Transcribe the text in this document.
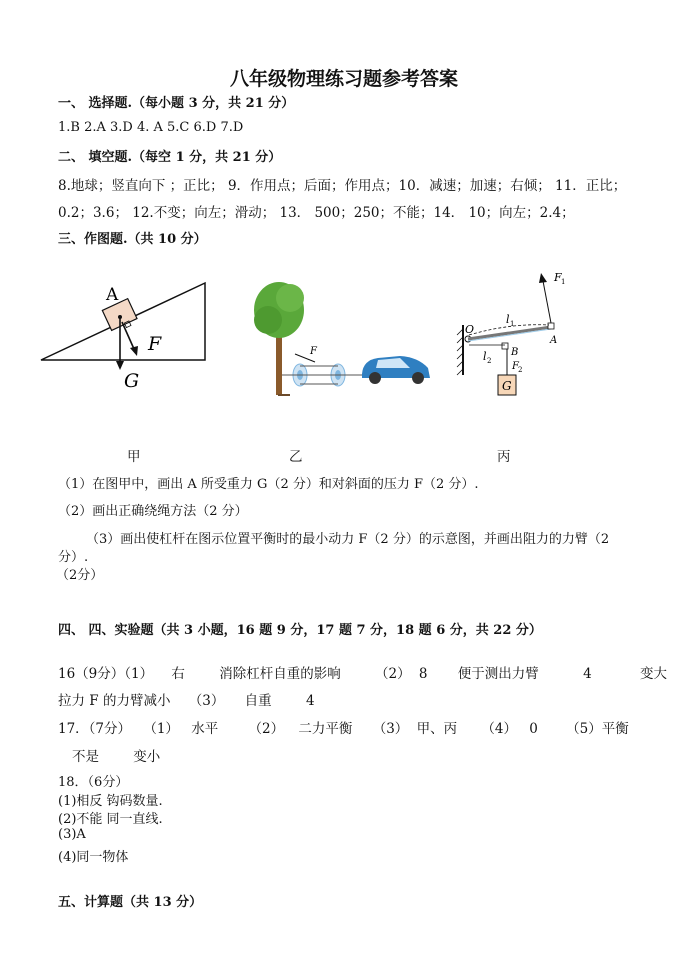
八年级物理练习题参考答案
一、 选择题.（每小题 3 分，共 21 分）
1.B 2.A 3.D 4. A 5.C 6.D 7.D
二、 填空题.（每空 1 分，共 21 分）
8.地球；竖直向下 ；正比； 9．作用点；后面；作用点；10．减速；加速；右倾； 11．正比；
0.2；3.6； 12.不变；向左；滑动； 13． 500；250；不能；14． 10；向左；2.4；
三、作图题.（共 10 分）
A
F
G
F
F 1
O
l 1
l 2
B
A
F 2
G
甲	乙	丙
（1）在图甲中，画出 A 所受重力 G（2 分）和对斜面的压力 F（2 分）.
（2）画出正确绕绳方法（2 分）
（3）画出使杠杆在图示位置平衡时的最小动力 F（2 分）的示意图，并画出阻力的力臂（2
分）.
（2分）
四、 四、实验题（共 3 小题，16 题 9 分，17 题 7 分，18 题 6 分，共 22 分）
16（9分）（1） 右	消除杠杆自重的影响	（2） 8 便于测出力臂	4	变大
拉力 F 的力臂减小 （3） 自重	4
17．（7分） （1） 水平 （2） 二力平衡 （3） 甲、丙 （4） 0 （5）平衡
不是	变小
18．（6分）
(1)相反 钩码数量.
(2)不能 同一直线.
(3)A
(4)同一物体
五、计算题（共 13 分）
